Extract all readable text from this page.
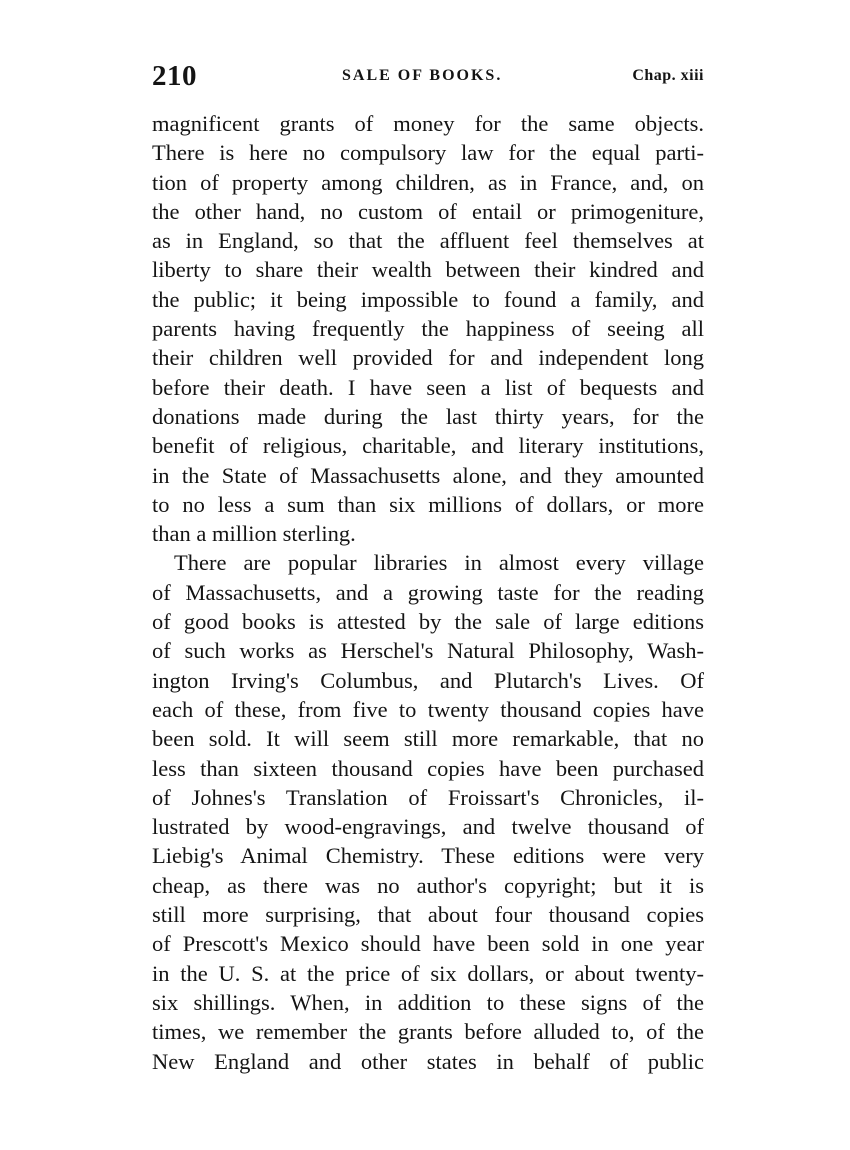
210	SALE OF BOOKS.	Chap. xiii
magnificent grants of money for the same objects.
There is here no compulsory law for the equal parti-
tion of property among children, as in France, and, on
the other hand, no custom of entail or primogeniture,
as in England, so that the affluent feel themselves at
liberty to share their wealth between their kindred and
the public; it being impossible to found a family, and
parents having frequently the happiness of seeing all
their children well provided for and independent long
before their death. I have seen a list of bequests and
donations made during the last thirty years, for the
benefit of religious, charitable, and literary institutions,
in the State of Massachusetts alone, and they amounted
to no less a sum than six millions of dollars, or more
than a million sterling.
There are popular libraries in almost every village
of Massachusetts, and a growing taste for the reading
of good books is attested by the sale of large editions
of such works as Herschel's Natural Philosophy, Wash-
ington Irving's Columbus, and Plutarch's Lives. Of
each of these, from five to twenty thousand copies have
been sold. It will seem still more remarkable, that no
less than sixteen thousand copies have been purchased
of Johnes's Translation of Froissart's Chronicles, il-
lustrated by wood-engravings, and twelve thousand of
Liebig's Animal Chemistry. These editions were very
cheap, as there was no author's copyright; but it is
still more surprising, that about four thousand copies
of Prescott's Mexico should have been sold in one year
in the U. S. at the price of six dollars, or about twenty-
six shillings. When, in addition to these signs of the
times, we remember the grants before alluded to, of the
New England and other states in behalf of public
